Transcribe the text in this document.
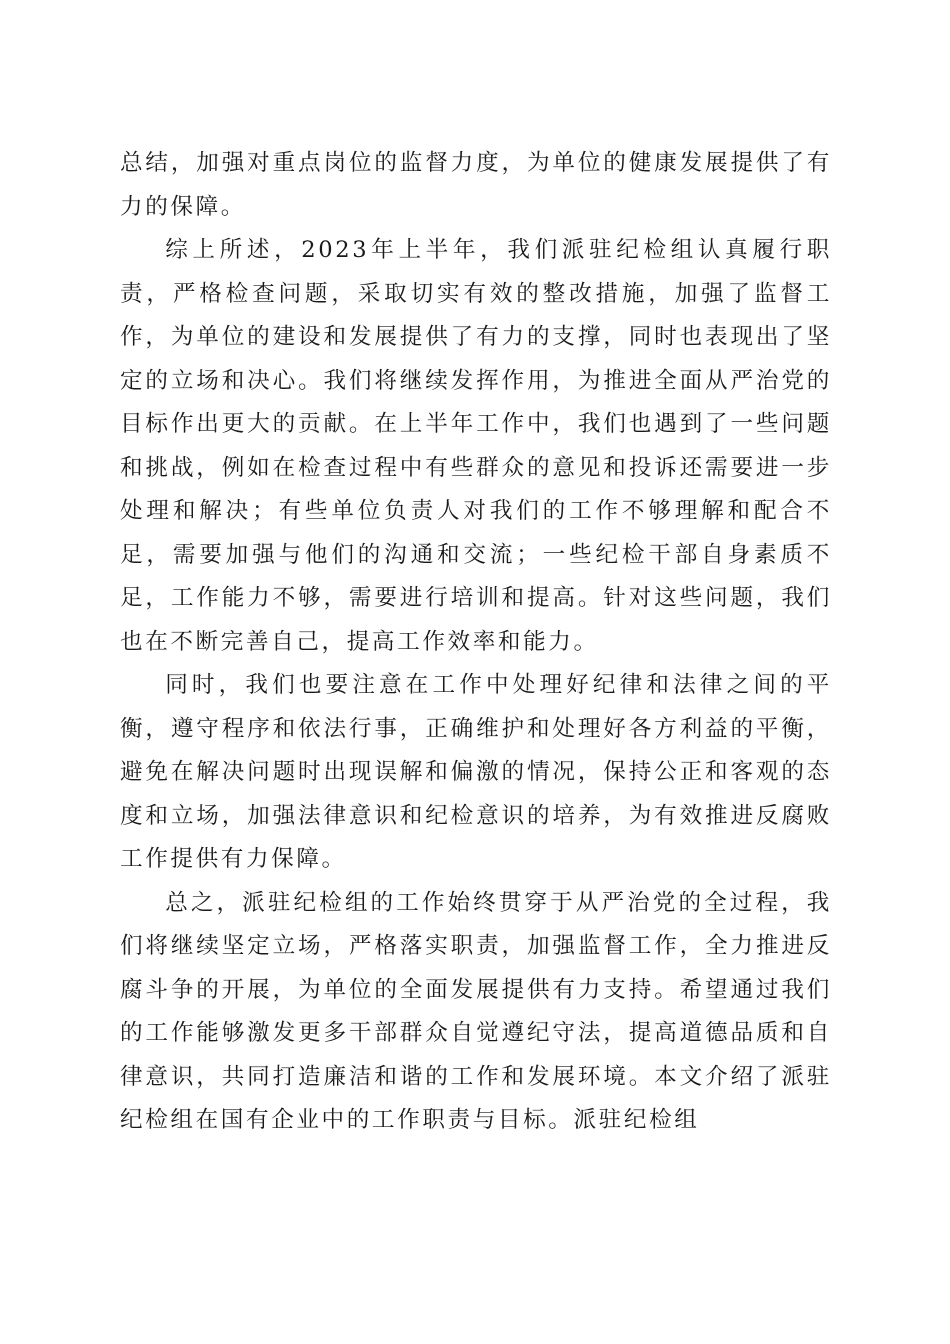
总结，加强对重点岗位的监督力度，为单位的健康发展提供了有力的保障。

综上所述，2023年上半年，我们派驻纪检组认真履行职责，严格检查问题，采取切实有效的整改措施，加强了监督工作，为单位的建设和发展提供了有力的支撑，同时也表现出了坚定的立场和决心。我们将继续发挥作用，为推进全面从严治党的目标作出更大的贡献。在上半年工作中，我们也遇到了一些问题和挑战，例如在检查过程中有些群众的意见和投诉还需要进一步处理和解决；有些单位负责人对我们的工作不够理解和配合不足，需要加强与他们的沟通和交流；一些纪检干部自身素质不足，工作能力不够，需要进行培训和提高。针对这些问题，我们也在不断完善自己，提高工作效率和能力。

同时，我们也要注意在工作中处理好纪律和法律之间的平衡，遵守程序和依法行事，正确维护和处理好各方利益的平衡，避免在解决问题时出现误解和偏激的情况，保持公正和客观的态度和立场，加强法律意识和纪检意识的培养，为有效推进反腐败工作提供有力保障。

总之，派驻纪检组的工作始终贯穿于从严治党的全过程，我们将继续坚定立场，严格落实职责，加强监督工作，全力推进反腐斗争的开展，为单位的全面发展提供有力支持。希望通过我们的工作能够激发更多干部群众自觉遵纪守法，提高道德品质和自律意识，共同打造廉洁和谐的工作和发展环境。本文介绍了派驻纪检组在国有企业中的工作职责与目标。派驻纪检组
